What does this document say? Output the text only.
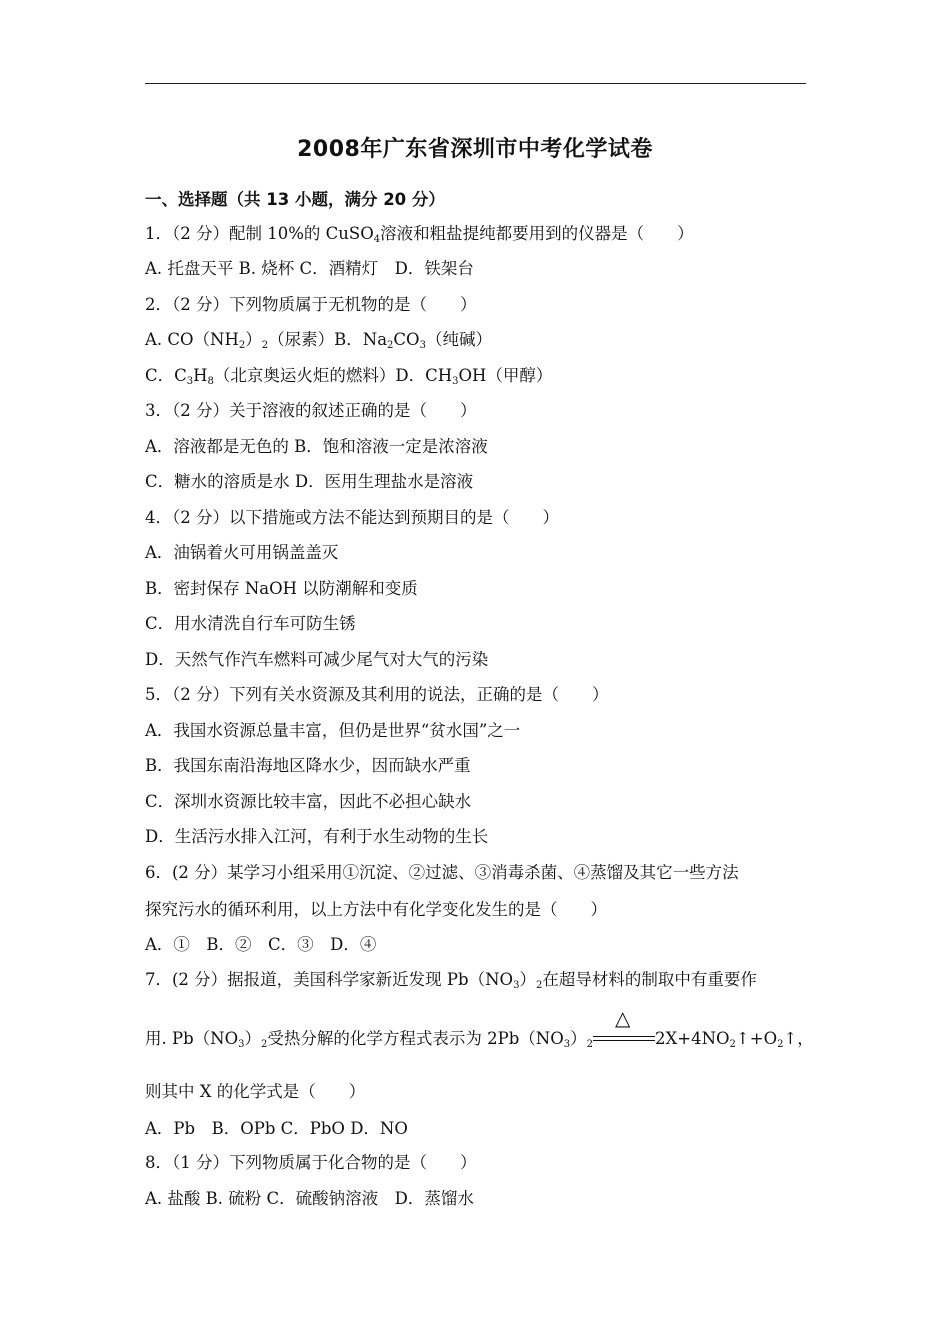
2008年广东省深圳市中考化学试卷
一、选择题（共 13 小题，满分 20 分）
1．（2 分）配制 10%的 CuSO$_4$溶液和粗盐提纯都要用到的仪器是（　　）
A. 托盘天平 B. 烧杯 C．酒精灯　D．铁架台
2．（2 分）下列物质属于无机物的是（　　）
A. $CO(NH_2)_2$（尿素）B．$Na_2CO_3$（纯碱）
C．$C_3H_8$（北京奥运火炬的燃料）D．$CH_3OH$（甲醇）
3．（2 分）关于溶液的叙述正确的是（　　）
A．溶液都是无色的 B．饱和溶液一定是浓溶液
C．糖水的溶质是水 D．医用生理盐水是溶液
4．（2 分）以下措施或方法不能达到预期目的是（　　）
A．油锅着火可用锅盖盖灭
B．密封保存 NaOH 以防潮解和变质
C．用水清洗自行车可防生锈
D．天然气作汽车燃料可减少尾气对大气的污染
5．（2 分）下列有关水资源及其利用的说法，正确的是（　　）
A．我国水资源总量丰富，但仍是世界“贫水国”之一
B．我国东南沿海地区降水少，因而缺水严重
C．深圳水资源比较丰富，因此不必担心缺水
D．生活污水排入江河，有利于水生动物的生长
6．(2 分）某学习小组采用①沉淀、②过滤、③消毒杀菌、④蒸馏及其它一些方法
探究污水的循环利用，以上方法中有化学变化发生的是（　　）
A．①　B．②　C．③　D．④
7．(2 分）据报道，美国科学家新近发现 $Pb(NO_3)_2$在超导材料的制取中有重要作
用. $Pb(NO_3)_2$受热分解的化学方程式表示为 $2Pb(NO_3)_2$
△
$2X+4NO_2↑+O_2↑$，
则其中 X 的化学式是（　　）
A．Pb　B．OPb C．PbO D．NO
8．（1 分）下列物质属于化合物的是（　　）
A. 盐酸 B. 硫粉 C．硫酸钠溶液　D．蒸馏水
